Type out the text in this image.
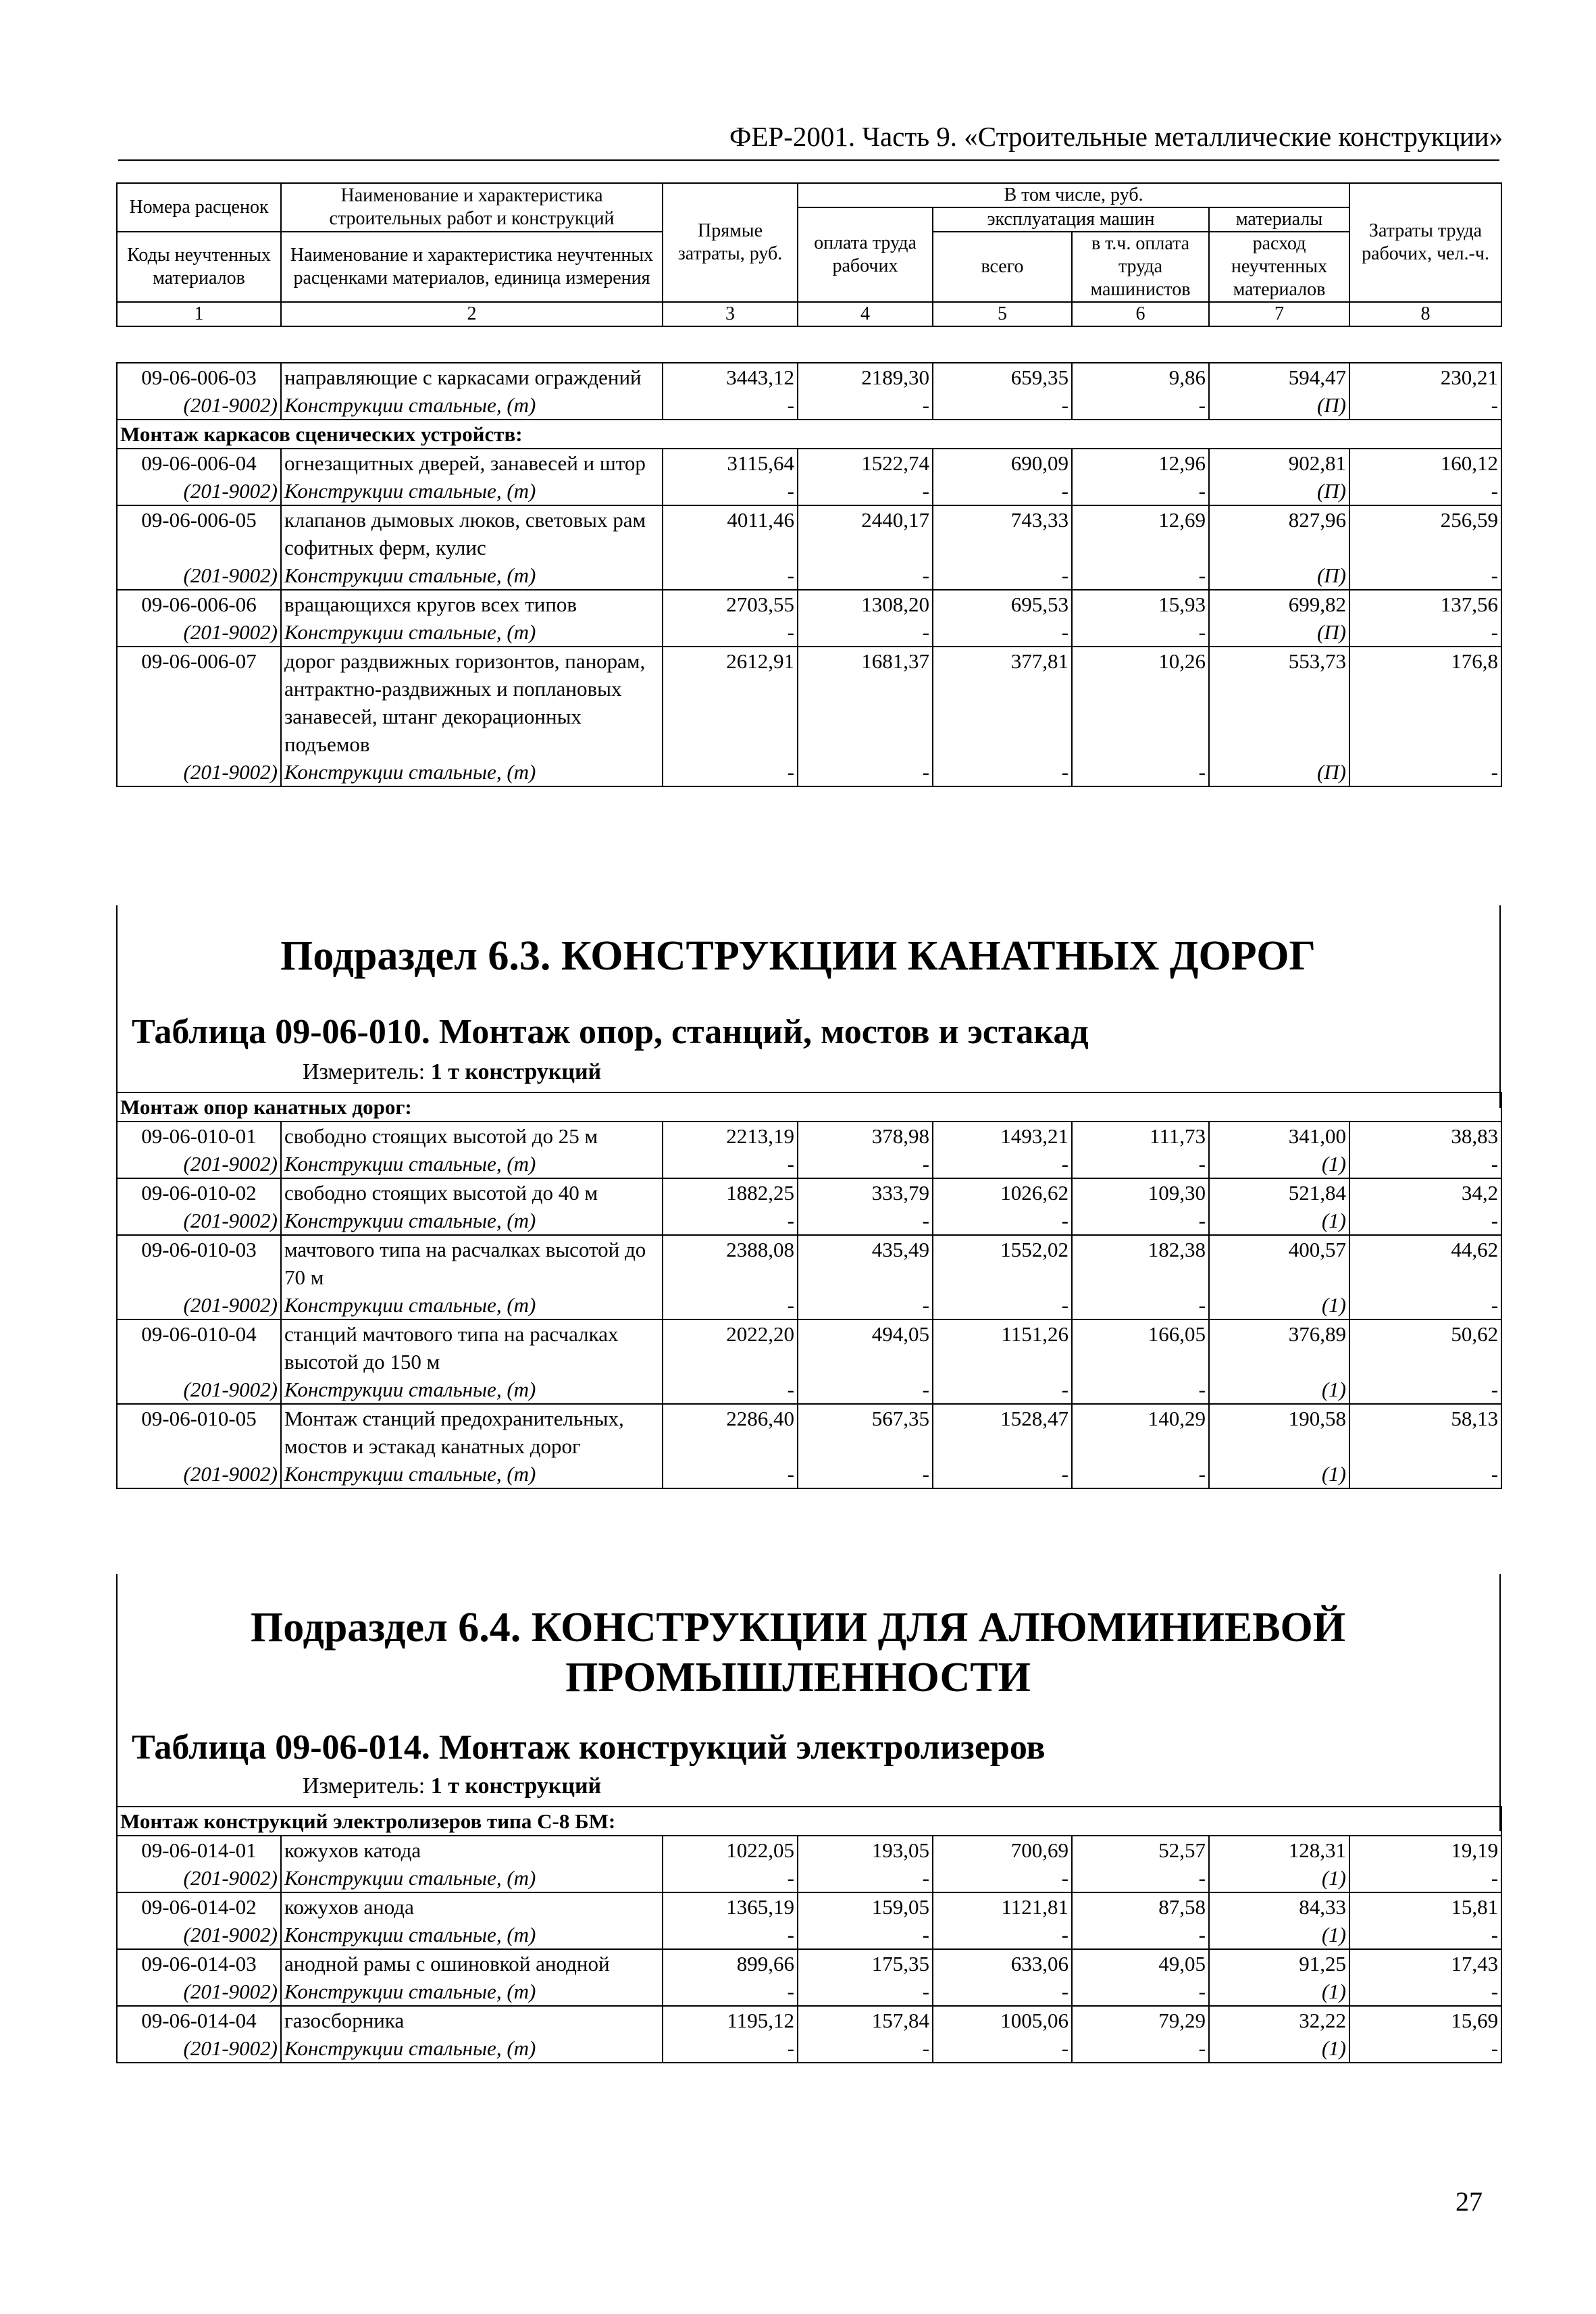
ФЕР-2001. Часть 9. «Строительные металлические конструкции»
Номера расценок	Наименование и характеристика строительных работ и конструкций	Прямые затраты, руб.	В том числе, руб.				Затраты труда рабочих, чел.-ч.
			оплата труда рабочих	эксплуатация машин		материалы	
Коды неучтенных материалов	Наименование и характеристика неучтенных расценками материалов, единица измерения			всего	в т.ч. оплата труда машинистов	расход неучтенных материалов	

1	2	3	4	5	6	7	8
09-06-006-03	направляющие с каркасами ограждений	3443,12	2189,30	659,35	9,86	594,47	230,21
(201-9002)	Конструкции стальные, (т)	-	-	-	-	(П)	-
Монтаж каркасов сценических устройств:							
09-06-006-04	огнезащитных дверей, занавесей и штор	3115,64	1522,74	690,09	12,96	902,81	160,12
(201-9002)	Конструкции стальные, (т)	-	-	-	-	(П)	-
09-06-006-05	клапанов дымовых люков, световых рам софитных ферм, кулис	4011,46	2440,17	743,33	12,69	827,96	256,59
(201-9002)	Конструкции стальные, (т)	-	-	-	-	(П)	-
09-06-006-06	вращающихся кругов всех типов	2703,55	1308,20	695,53	15,93	699,82	137,56
(201-9002)	Конструкции стальные, (т)	-	-	-	-	(П)	-
09-06-006-07	дорог раздвижных горизонтов, панорам, антрактно-раздвижных и поплановых занавесей, штанг декорационных подъемов	2612,91	1681,37	377,81	10,26	553,73	176,8
(201-9002)	Конструкции стальные, (т)	-	-	-	-	(П)	-
Подраздел 6.3. КОНСТРУКЦИИ КАНАТНЫХ ДОРОГ
Таблица 09-06-010. Монтаж опор, станций, мостов и эстакад
Измеритель: 1 т конструкций
Монтаж опор канатных дорог:							
09-06-010-01	свободно стоящих высотой до 25 м	2213,19	378,98	1493,21	111,73	341,00	38,83
(201-9002)	Конструкции стальные, (т)	-	-	-	-	(1)	-
09-06-010-02	свободно стоящих высотой до 40 м	1882,25	333,79	1026,62	109,30	521,84	34,2
(201-9002)	Конструкции стальные, (т)	-	-	-	-	(1)	-
09-06-010-03	мачтового типа на расчалках высотой до 70 м	2388,08	435,49	1552,02	182,38	400,57	44,62
(201-9002)	Конструкции стальные, (т)	-	-	-	-	(1)	-
09-06-010-04	станций мачтового типа на расчалках высотой до 150 м	2022,20	494,05	1151,26	166,05	376,89	50,62
(201-9002)	Конструкции стальные, (т)	-	-	-	-	(1)	-
09-06-010-05	Монтаж станций предохранительных, мостов и эстакад канатных дорог	2286,40	567,35	1528,47	140,29	190,58	58,13
(201-9002)	Конструкции стальные, (т)	-	-	-	-	(1)	-
Подраздел 6.4. КОНСТРУКЦИИ ДЛЯ АЛЮМИНИЕВОЙ
ПРОМЫШЛЕННОСТИ
Таблица 09-06-014. Монтаж конструкций электролизеров
Измеритель: 1 т конструкций
Монтаж конструкций электролизеров типа С-8 БМ:							
09-06-014-01	кожухов катода	1022,05	193,05	700,69	52,57	128,31	19,19
(201-9002)	Конструкции стальные, (т)	-	-	-	-	(1)	-
09-06-014-02	кожухов анода	1365,19	159,05	1121,81	87,58	84,33	15,81
(201-9002)	Конструкции стальные, (т)	-	-	-	-	(1)	-
09-06-014-03	анодной рамы с ошиновкой анодной	899,66	175,35	633,06	49,05	91,25	17,43
(201-9002)	Конструкции стальные, (т)	-	-	-	-	(1)	-
09-06-014-04	газосборника	1195,12	157,84	1005,06	79,29	32,22	15,69
(201-9002)	Конструкции стальные, (т)	-	-	-	-	(1)	-
27
